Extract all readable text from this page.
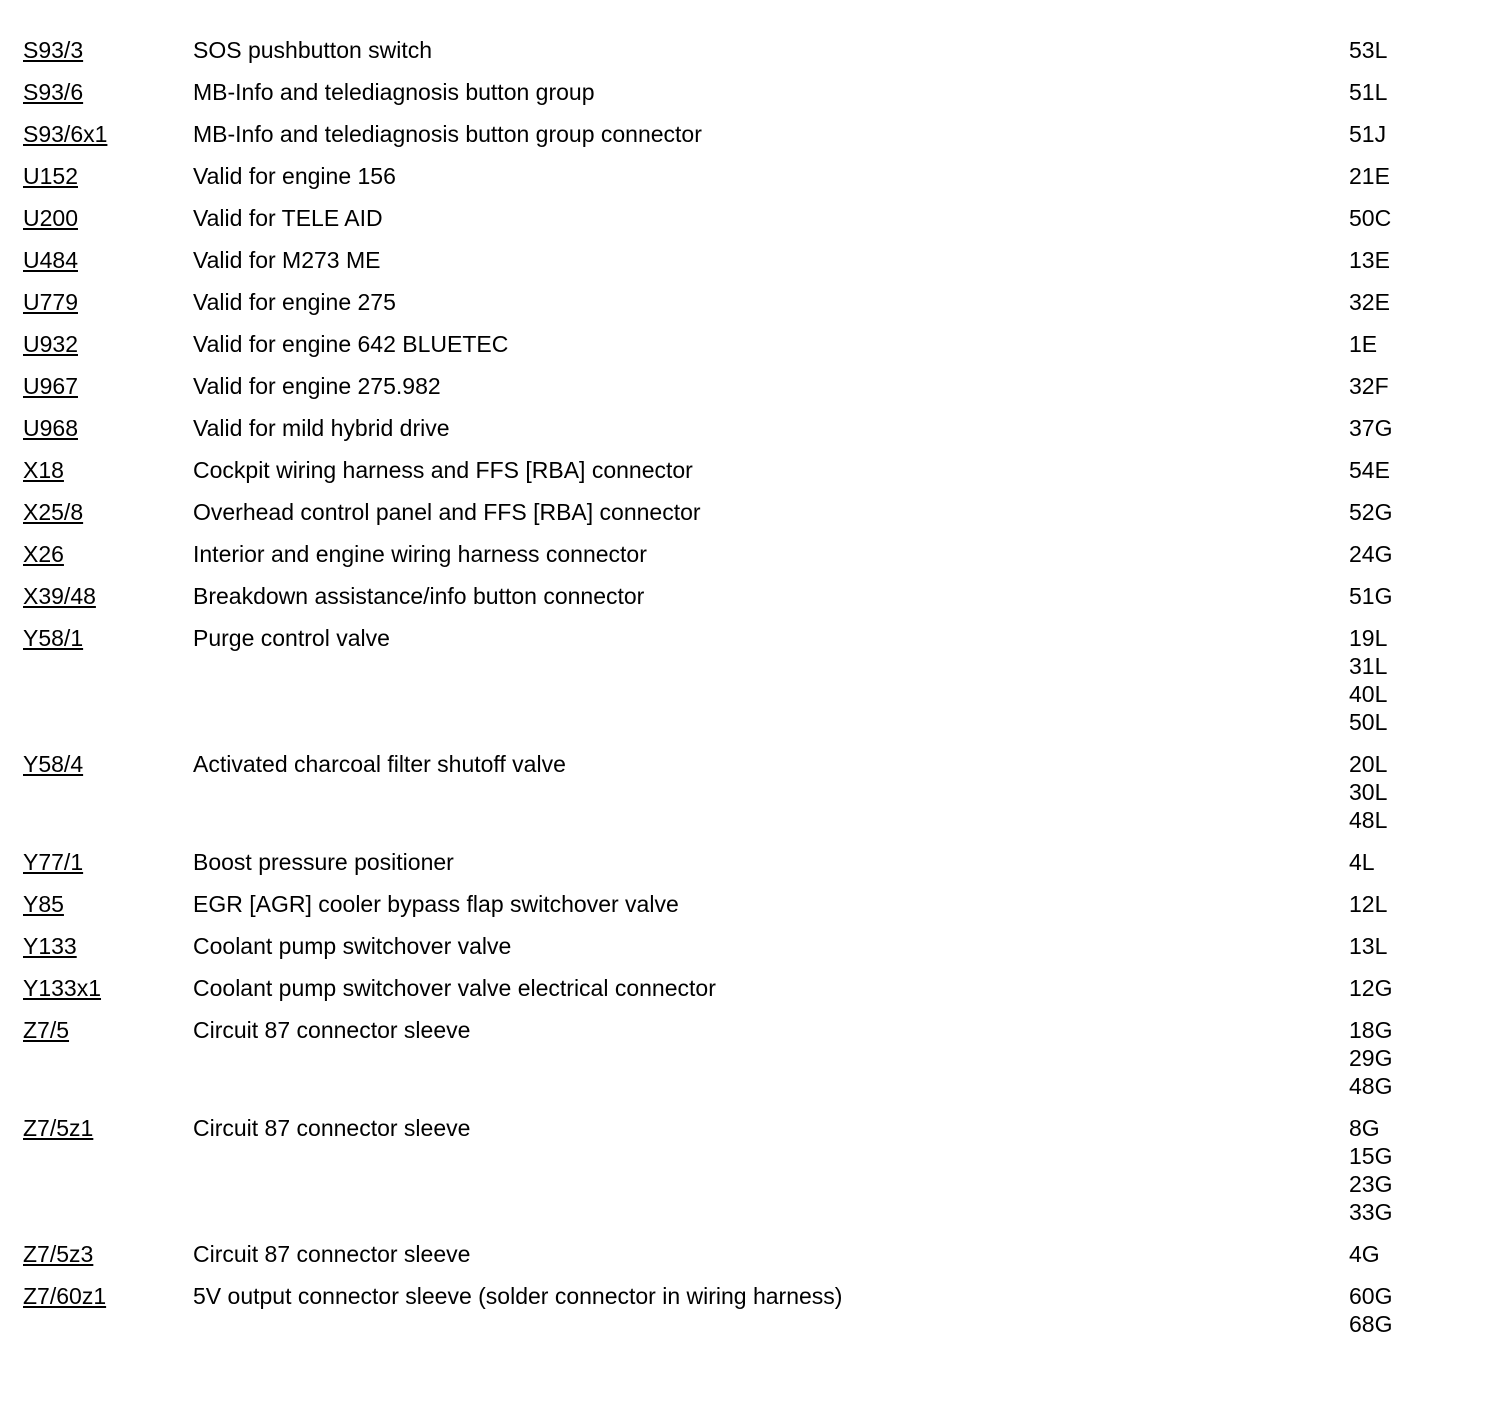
S93/3	SOS pushbutton switch	53L
S93/6	MB-Info and telediagnosis button group	51L
S93/6x1	MB-Info and telediagnosis button group connector	51J
U152	Valid for engine 156	21E
U200	Valid for TELE AID	50C
U484	Valid for M273 ME	13E
U779	Valid for engine 275	32E
U932	Valid for engine 642 BLUETEC	1E
U967	Valid for engine 275.982	32F
U968	Valid for mild hybrid drive	37G
X18	Cockpit wiring harness and FFS [RBA] connector	54E
X25/8	Overhead control panel and FFS [RBA] connector	52G
X26	Interior and engine wiring harness connector	24G
X39/48	Breakdown assistance/info button connector	51G
Y58/1	Purge control valve	19L
31L
40L
50L
Y58/4	Activated charcoal filter shutoff valve	20L
30L
48L
Y77/1	Boost pressure positioner	4L
Y85	EGR [AGR] cooler bypass flap switchover valve	12L
Y133	Coolant pump switchover valve	13L
Y133x1	Coolant pump switchover valve electrical connector	12G
Z7/5	Circuit 87 connector sleeve	18G
29G
48G
Z7/5z1	Circuit 87 connector sleeve	8G
15G
23G
33G
Z7/5z3	Circuit 87 connector sleeve	4G
Z7/60z1	5V output connector sleeve (solder connector in wiring harness)	60G
68G
